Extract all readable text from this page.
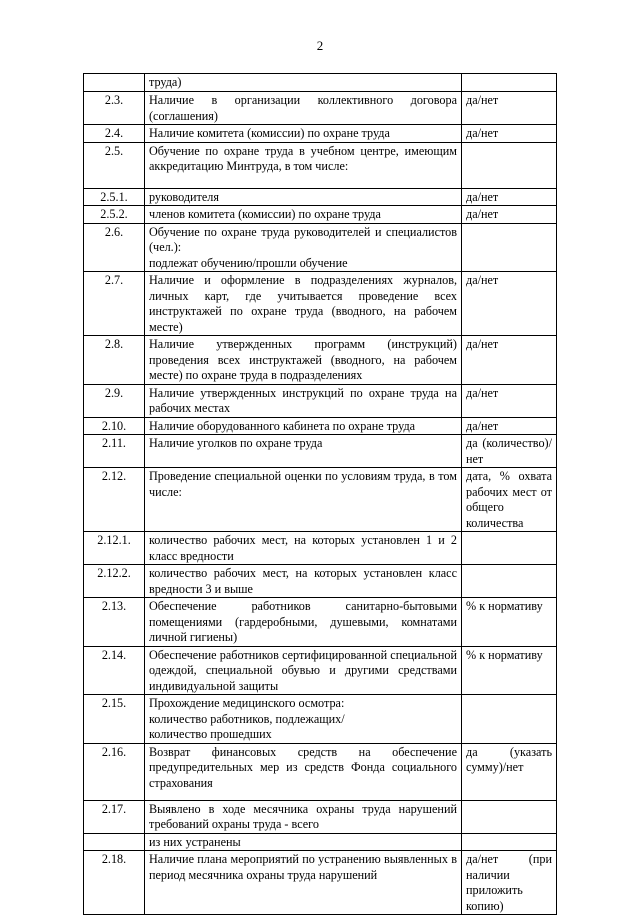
2
	труда)	
2.3.	Наличие в организации коллективного договора (соглашения)	да/нет
2.4.	Наличие комитета (комиссии) по охране труда	да/нет
2.5.	Обучение по охране труда в учебном центре, имеющим аккредитацию Минтруда, в том числе:	
2.5.1.	руководителя	да/нет
2.5.2.	членов комитета (комиссии) по охране труда	да/нет
2.6.	Обучение по охране труда руководителей и специалистов (чел.):
подлежат обучению/прошли обучение	

2.7.	Наличие и оформление в подразделениях журналов, личных карт, где учитывается проведение всех инструктажей по охране труда (вводного, на рабочем месте)	да/нет
2.8.	Наличие утвержденных программ (инструкций) проведения всех инструктажей (вводного, на рабочем месте) по охране труда в подразделениях	да/нет
2.9.	Наличие утвержденных инструкций по охране труда на рабочих местах	да/нет
2.10.	Наличие оборудованного кабинета по охране труда	да/нет
2.11.	Наличие уголков по охране труда	да (количество)/нет
2.12.	Проведение специальной оценки по условиям труда, в том числе:	дата, % охвата рабочих мест от общего количества
2.12.1.	количество рабочих мест, на которых установлен 1 и 2 класс вредности	
2.12.2.	количество рабочих мест, на которых установлен класс вредности 3 и выше	
2.13.	Обеспечение работников санитарно-бытовыми помещениями (гардеробными, душевыми, комнатами личной гигиены)	% к нормативу
2.14.	Обеспечение работников сертифицированной специальной одеждой, специальной обувью и другими средствами индивидуальной защиты	% к нормативу
2.15.	Прохождение медицинского осмотра:
количество работников, подлежащих/
количество прошедших	

2.16.	Возврат финансовых средств на обеспечение предупредительных мер из средств Фонда социального страхования	да (указать сумму)/нет
2.17.	Выявлено в ходе месячника охраны труда нарушений требований охраны труда - всего	
	из них устранены	
2.18.	Наличие плана мероприятий по устранению выявленных в период месячника охраны труда нарушений	да/нет (при наличии приложить копию)
